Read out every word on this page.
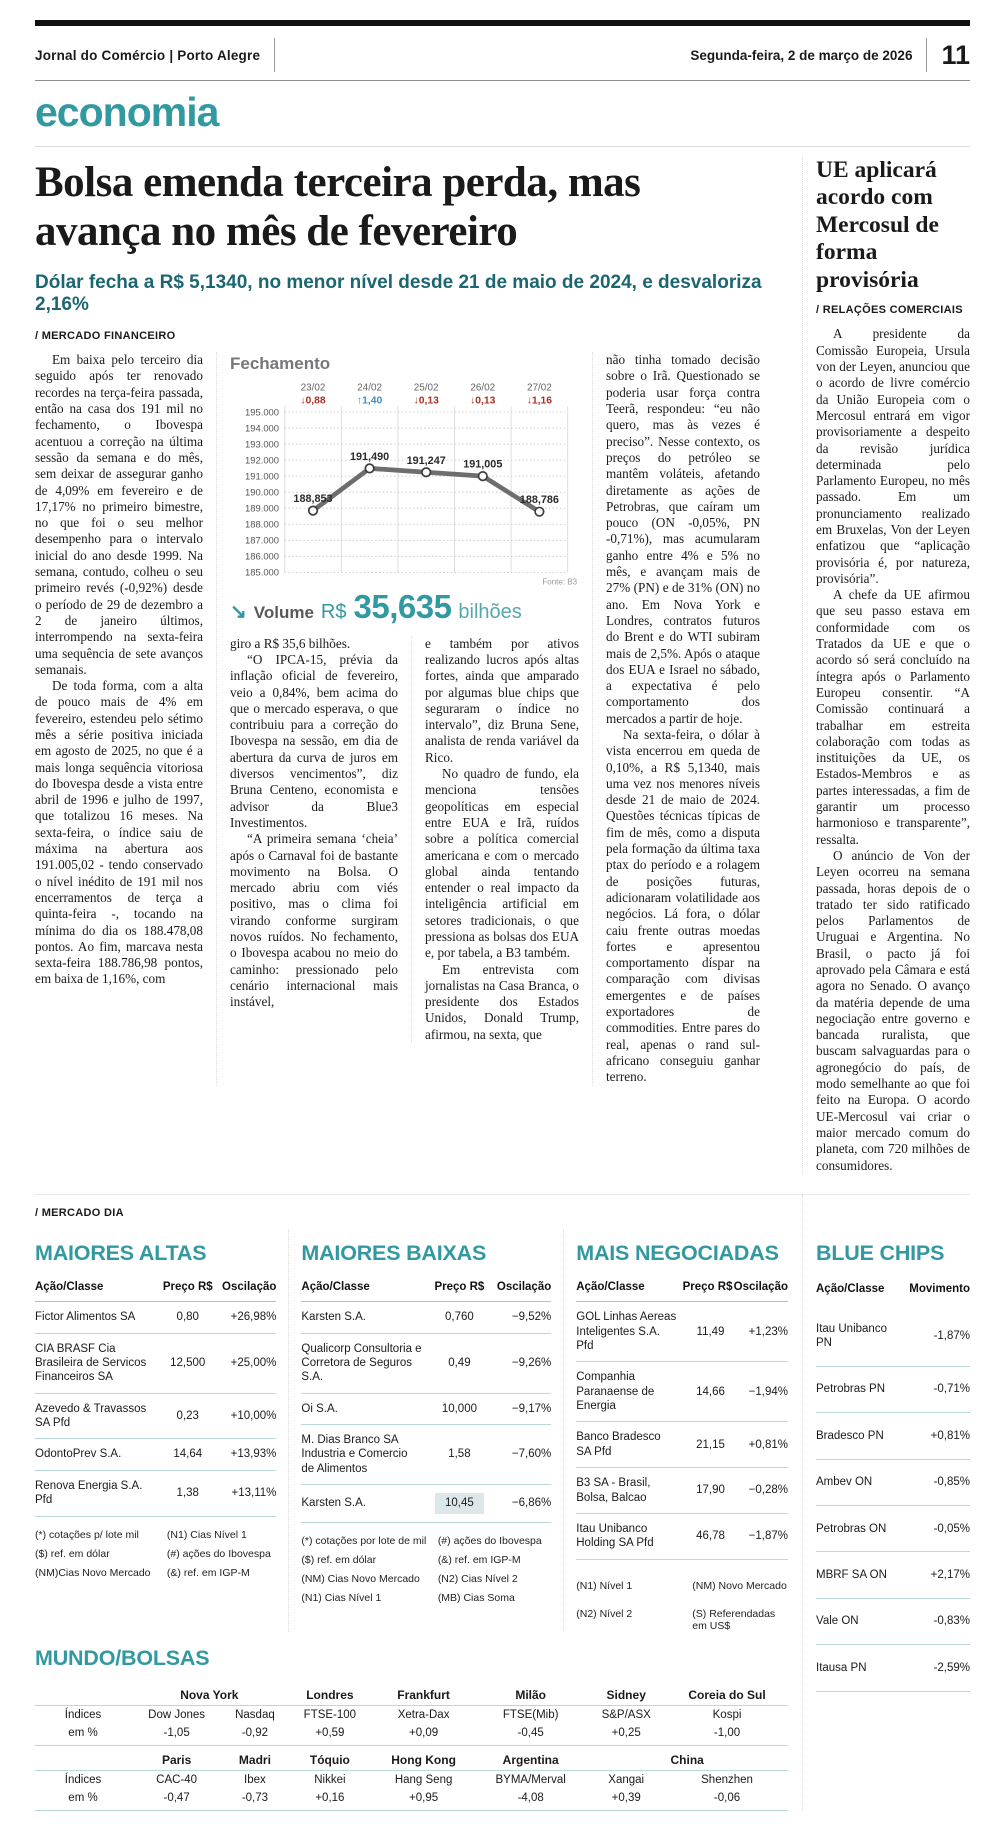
Jornal do Comércio | Porto Alegre	Segunda-feira, 2 de março de 2026 11
economia
Bolsa emenda terceira perda, mas avança no mês de fevereiro
Dólar fecha a R$ 5,1340, no menor nível desde 21 de maio de 2024, e desvaloriza 2,16%
/ MERCADO FINANCEIRO

Em baixa pelo terceiro dia seguido após ter renovado recordes na terça-feira passada, então na casa dos 191 mil no fechamento, o Ibovespa acentuou a correção na última sessão da semana e do mês, sem deixar de assegurar ganho de 4,09% em fevereiro e de 17,17% no primeiro bimestre, no que foi o seu melhor desempenho para o intervalo inicial do ano desde 1999. Na semana, contudo, colheu o seu primeiro revés (-0,92%) desde o período de 29 de dezembro a 2 de janeiro últimos, interrompendo na sexta-feira uma sequência de sete avanços semanais.

De toda forma, com a alta de pouco mais de 4% em fevereiro, estendeu pelo sétimo mês a série positiva iniciada em agosto de 2025, no que é a mais longa sequência vitoriosa do Ibovespa desde a vista entre abril de 1996 e julho de 1997, que totalizou 16 meses. Na sexta-feira, o índice saiu de máxima na abertura aos 191.005,02 - tendo conservado o nível inédito de 191 mil nos encerramentos de terça a quinta-feira -, tocando na mínima do dia os 188.478,08 pontos. Ao fim, marcava nesta sexta-feira 188.786,98 pontos, em baixa de 1,16%, com

Fechamento
195.000
194.000
193.000
192.000
191.000
190.000
189.000
188.000
187.000
186.000
185.000
188,853
191,490 191,247 191,005
188,786
23/02
↓0,88
24/02
↑1,40
25/02
↓0,13
26/02
↓0,13
27/02
↓1,16
Fonte: B3
↘ Volume R$ 35,635 bilhões

giro a R$ 35,6 bilhões.

“O IPCA-15, prévia da inflação oficial de fevereiro, veio a 0,84%, bem acima do que o mercado esperava, o que contribuiu para a correção do Ibovespa na sessão, em dia de abertura da curva de juros em diversos vencimentos”, diz Bruna Centeno, economista e advisor da Blue3 Investimentos.

“A primeira semana ‘cheia’ após o Carnaval foi de bastante movimento na Bolsa. O mercado abriu com viés positivo, mas o clima foi virando conforme surgiram novos ruídos. No fechamento, o Ibovespa acabou no meio do caminho: pressionado pelo cenário internacional mais instável,

e também por ativos realizando lucros após altas fortes, ainda que amparado por algumas blue chips que seguraram o índice no intervalo”, diz Bruna Sene, analista de renda variável da Rico.

No quadro de fundo, ela menciona tensões geopolíticas em especial entre EUA e Irã, ruídos sobre a política comercial americana e com o mercado global ainda tentando entender o real impacto da inteligência artificial em setores tradicionais, o que pressiona as bolsas dos EUA e, por tabela, a B3 também.

Em entrevista com jornalistas na Casa Branca, o presidente dos Estados Unidos, Donald Trump, afirmou, na sexta, que

não tinha tomado decisão sobre o Irã. Questionado se poderia usar força contra Teerã, respondeu: “eu não quero, mas às vezes é preciso”. Nesse contexto, os preços do petróleo se mantêm voláteis, afetando diretamente as ações de Petrobras, que caíram um pouco (ON -0,05%, PN -0,71%), mas acumularam ganho entre 4% e 5% no mês, e avançam mais de 27% (PN) e de 31% (ON) no ano. Em Nova York e Londres, contratos futuros do Brent e do WTI subiram mais de 2,5%. Após o ataque dos EUA e Israel no sábado, a expectativa é pelo comportamento dos mercados a partir de hoje.

Na sexta-feira, o dólar à vista encerrou em queda de 0,10%, a R$ 5,1340, mais uma vez nos menores níveis desde 21 de maio de 2024. Questões técnicas típicas de fim de mês, como a disputa pela formação da última taxa ptax do período e a rolagem de posições futuras, adicionaram volatilidade aos negócios. Lá fora, o dólar caiu frente outras moedas fortes e apresentou comportamento díspar na comparação com divisas emergentes e de países exportadores de commodities. Entre pares do real, apenas o rand sul-africano conseguiu ganhar terreno.

UE aplicará acordo com Mercosul de forma provisória
/ RELAÇÕES COMERCIAIS

A presidente da Comissão Europeia, Ursula von der Leyen, anunciou que o acordo de livre comércio da União Europeia com o Mercosul entrará em vigor provisoriamente a despeito da revisão jurídica determinada pelo Parlamento Europeu, no mês passado. Em um pronunciamento realizado em Bruxelas, Von der Leyen enfatizou que “aplicação provisória é, por natureza, provisória”.

A chefe da UE afirmou que seu passo estava em conformidade com os Tratados da UE e que o acordo só será concluído na íntegra após o Parlamento Europeu consentir. “A Comissão continuará a trabalhar em estreita colaboração com todas as instituições da UE, os Estados-Membros e as partes interessadas, a fim de garantir um processo harmonioso e transparente”, ressalta.

O anúncio de Von der Leyen ocorreu na semana passada, horas depois de o tratado ter sido ratificado pelos Parlamentos de Uruguai e Argentina. No Brasil, o pacto já foi aprovado pela Câmara e está agora no Senado. O avanço da matéria depende de uma negociação entre governo e bancada ruralista, que buscam salvaguardas para o agronegócio do país, de modo semelhante ao que foi feito na Europa. O acordo UE-Mercosul vai criar o maior mercado comum do planeta, com 720 milhões de consumidores.

/ MERCADO DIA
MAIORES ALTAS
Ação/Classe	Preço R$ Oscilação
Fictor Alimentos SA	0,80	+26,98%
CIA BRASF Cia Brasileira de Servicos Financeiros SA
12,500	+25,00%
Azevedo & Travassos SA Pfd
0,23	+10,00%
OdontoPrev S.A.	14,64	+13,93%
Renova Energia S.A. Pfd
1,38	+13,11%
(*) cotações p/ lote mil	(N1) Cias Nível 1
($) ref. em dólar	(#) ações do Ibovespa
(NM)Cias Novo Mercado	(&) ref. em IGP-M
MAIORES BAIXAS
Ação/Classe	Preço R$	Oscilação
Karsten S.A.	0,760	−9,52%
Qualicorp Consultoria e Corretora de Seguros S.A.
0,49	−9,26%
Oi S.A.	10,000	−9,17%
M. Dias Branco SA Industria e Comercio de Alimentos
1,58	−7,60%
Karsten S.A.	10,45	−6,86%
(*) cotações por lote de mil	(#) ações do Ibovespa
($) ref. em dólar	(&) ref. em IGP-M
(NM) Cias Novo Mercado	(N2) Cias Nível 2
(N1) Cias Nível 1	(MB) Cias Soma
MAIS NEGOCIADAS
Ação/Classe	Preço R$ Oscilação
GOL Linhas Aereas Inteligentes S.A. Pfd
11,49	+1,23%
Companhia Paranaense de Energia
14,66	−1,94%
Banco Bradesco SA Pfd
21,15	+0,81%
B3 SA - Brasil, Bolsa, Balcao
17,90	−0,28%
Itau Unibanco Holding SA Pfd
46,78	−1,87%
(N1) Nível 1	(NM) Novo Mercado
(N2) Nível 2	(S) Referendadas em US$
MUNDO/BOLSAS
	Nova York		Londres	Frankfurt	Milão	Sidney	Coreia do Sul
Índices	Dow Jones	Nasdaq	FTSE-100	Xetra-Dax	FTSE(Mib)	S&P/ASX	Kospi
em %	-1,05	-0,92	+0,59	+0,09	-0,45	+0,25	-1,00
	Paris	Madri	Tóquio	Hong Kong	Argentina	China	
Índices	CAC-40	Ibex	Nikkei	Hang Seng	BYMA/Merval	Xangai	Shenzhen
em %	-0,47	-0,73	+0,16	+0,95	-4,08	+0,39	-0,06
BLUE CHIPS
Ação/Classe	Movimento
Itau Unibanco PN
-1,87%
Petrobras PN	-0,71%
Bradesco PN	+0,81%
Ambev ON	-0,85%
Petrobras ON	-0,05%
MBRF SA ON	+2,17%
Vale ON	-0,83%
Itausa PN	-2,59%
